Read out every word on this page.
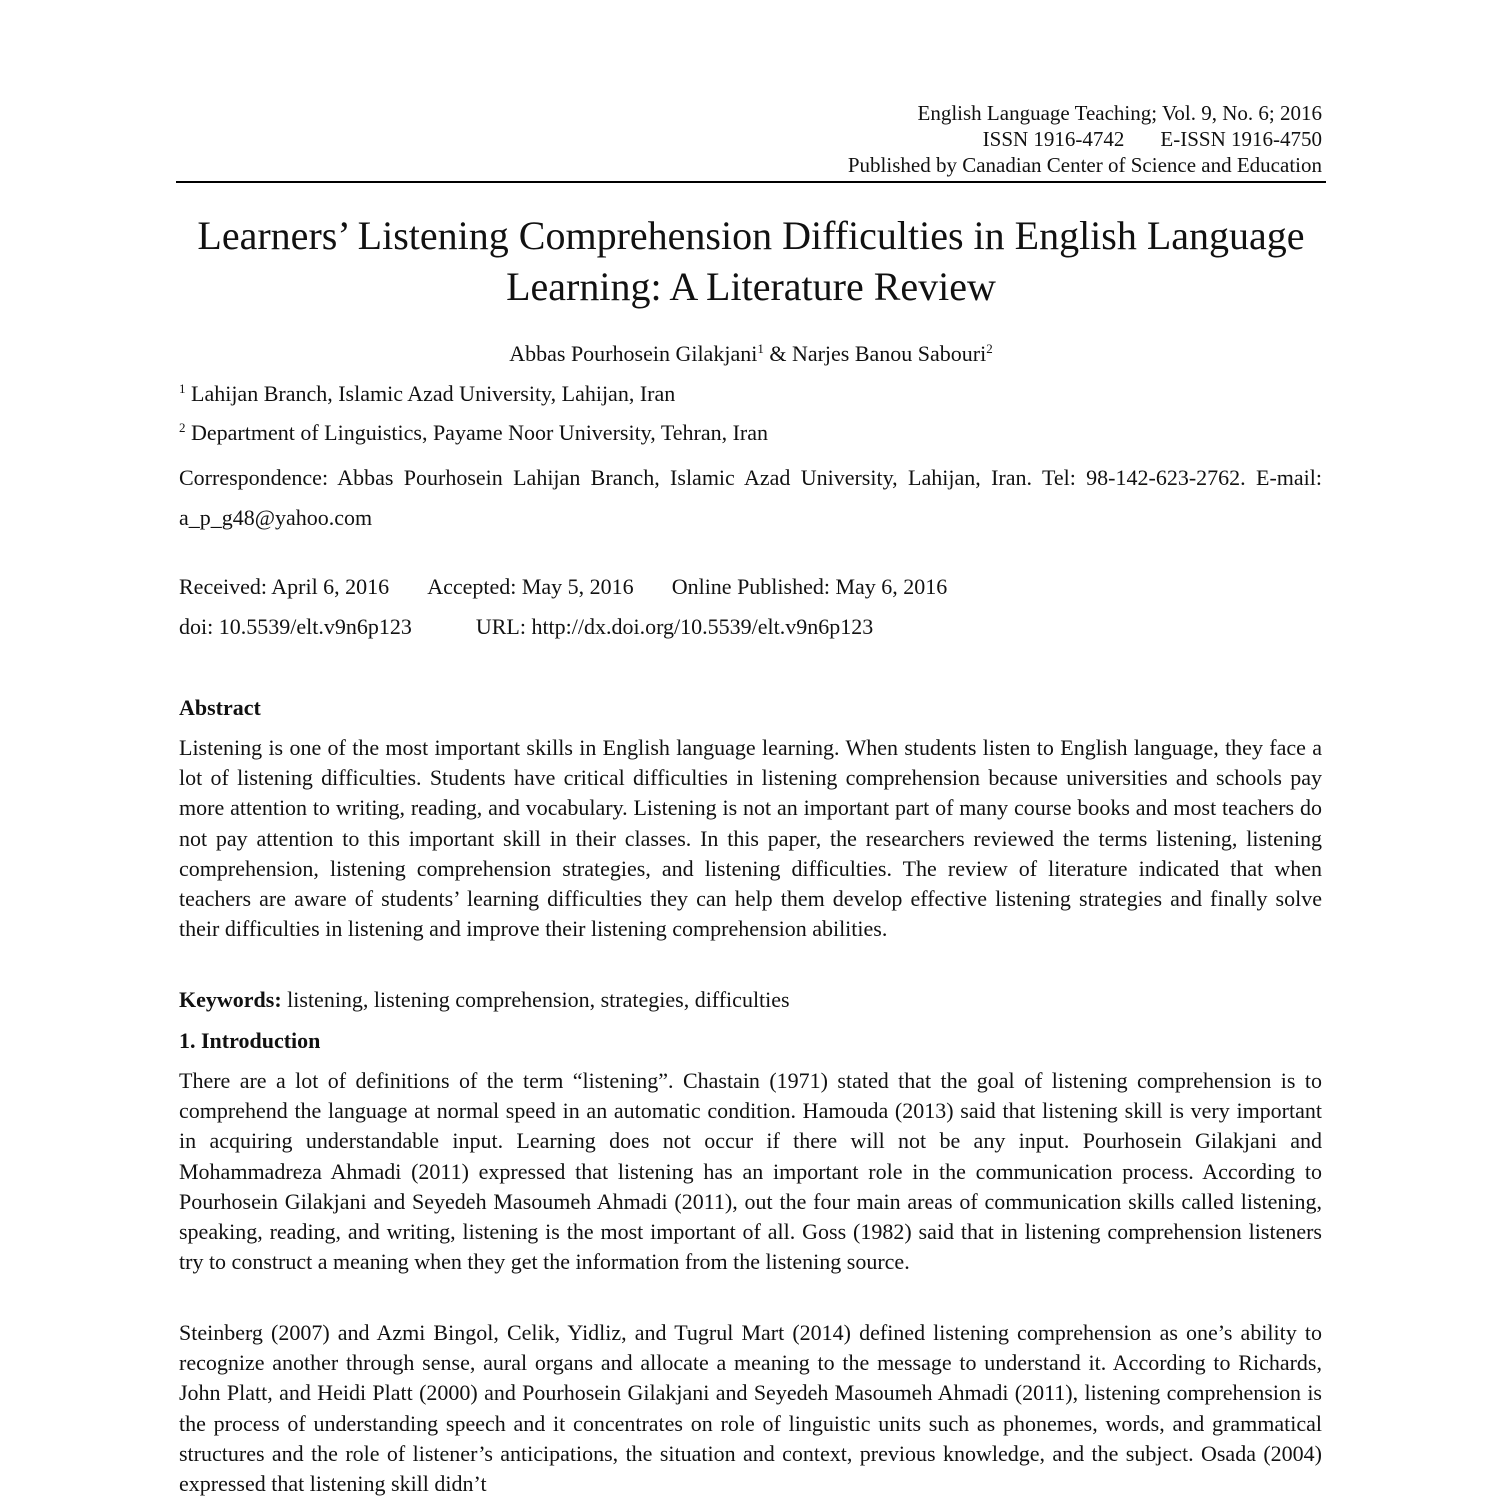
English Language Teaching; Vol. 9, No. 6; 2016
ISSN 1916-4742 E-ISSN 1916-4750
Published by Canadian Center of Science and Education
Learners’ Listening Comprehension Difficulties in English Language
Learning: A Literature Review
Abbas Pourhosein Gilakjani$^1$ & Narjes Banou Sabouri$^2$
$^1$ Lahijan Branch, Islamic Azad University, Lahijan, Iran
$^2$ Department of Linguistics, Payame Noor University, Tehran, Iran
Correspondence: Abbas Pourhosein Lahijan Branch, Islamic Azad University, Lahijan, Iran. Tel: 98-142-623-2762. E-mail: a_p_g48@yahoo.com
Received: April 6, 2016 Accepted: May 5, 2016 Online Published: May 6, 2016
doi: 10.5539/elt.v9n6p123	URL: http://dx.doi.org/10.5539/elt.v9n6p123
Abstract

Listening is one of the most important skills in English language learning. When students listen to English language, they face a lot of listening difficulties. Students have critical difficulties in listening comprehension because universities and schools pay more attention to writing, reading, and vocabulary. Listening is not an important part of many course books and most teachers do not pay attention to this important skill in their classes. In this paper, the researchers reviewed the terms listening, listening comprehension, listening comprehension strategies, and listening difficulties. The review of literature indicated that when teachers are aware of students’ learning difficulties they can help them develop effective listening strategies and finally solve their difficulties in listening and improve their listening comprehension abilities.

Keywords: listening, listening comprehension, strategies, difficulties
1. Introduction

There are a lot of definitions of the term “listening”. Chastain (1971) stated that the goal of listening comprehension is to comprehend the language at normal speed in an automatic condition. Hamouda (2013) said that listening skill is very important in acquiring understandable input. Learning does not occur if there will not be any input. Pourhosein Gilakjani and Mohammadreza Ahmadi (2011) expressed that listening has an important role in the communication process. According to Pourhosein Gilakjani and Seyedeh Masoumeh Ahmadi (2011), out the four main areas of communication skills called listening, speaking, reading, and writing, listening is the most important of all. Goss (1982) said that in listening comprehension listeners try to construct a meaning when they get the information from the listening source.

Steinberg (2007) and Azmi Bingol, Celik, Yidliz, and Tugrul Mart (2014) defined listening comprehension as one’s ability to recognize another through sense, aural organs and allocate a meaning to the message to understand it. According to Richards, John Platt, and Heidi Platt (2000) and Pourhosein Gilakjani and Seyedeh Masoumeh Ahmadi (2011), listening comprehension is the process of understanding speech and it concentrates on role of linguistic units such as phonemes, words, and grammatical structures and the role of listener’s anticipations, the situation and context, previous knowledge, and the subject. Osada (2004) expressed that listening skill didn’t
